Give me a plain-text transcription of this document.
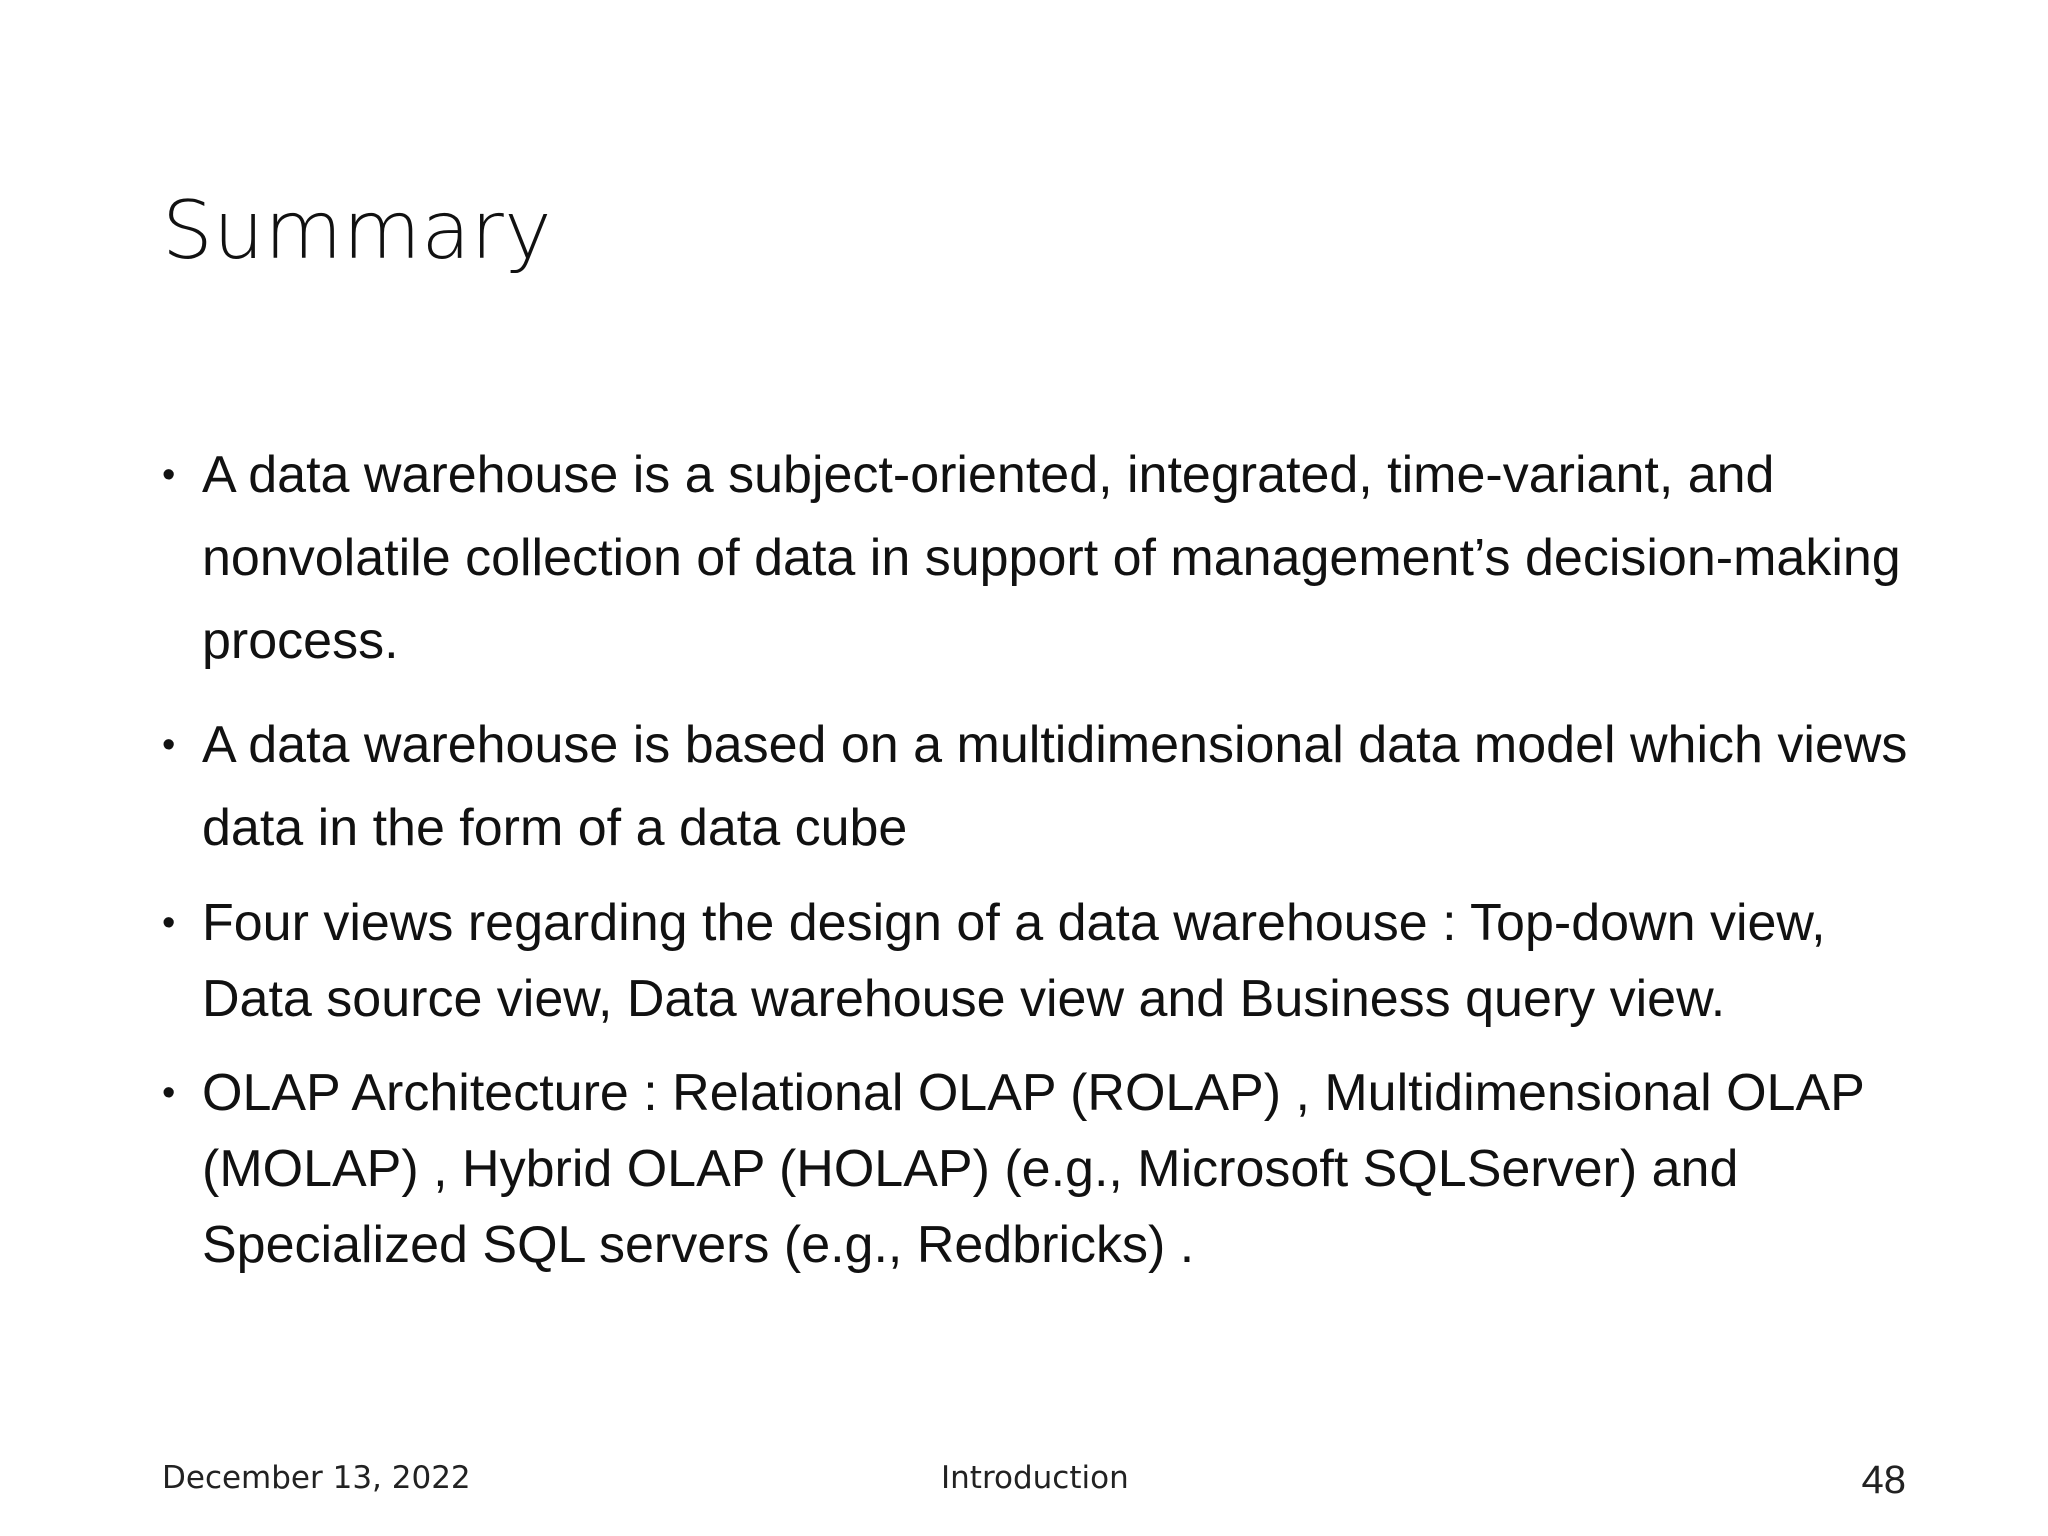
Summary
• A data warehouse is a subject-oriented, integrated, time-variant, and nonvolatile collection of data in support of management’s decision-making process.
• A data warehouse is based on a multidimensional data model which views data in the form of a data cube
• Four views regarding the design of a data warehouse : Top-down view, Data source view, Data warehouse view and Business query view.
• OLAP Architecture : Relational OLAP (ROLAP) , Multidimensional OLAP (MOLAP) , Hybrid OLAP (HOLAP) (e.g., Microsoft SQLServer) and Specialized SQL servers (e.g., Redbricks) .
December 13, 2022	Introduction	48
